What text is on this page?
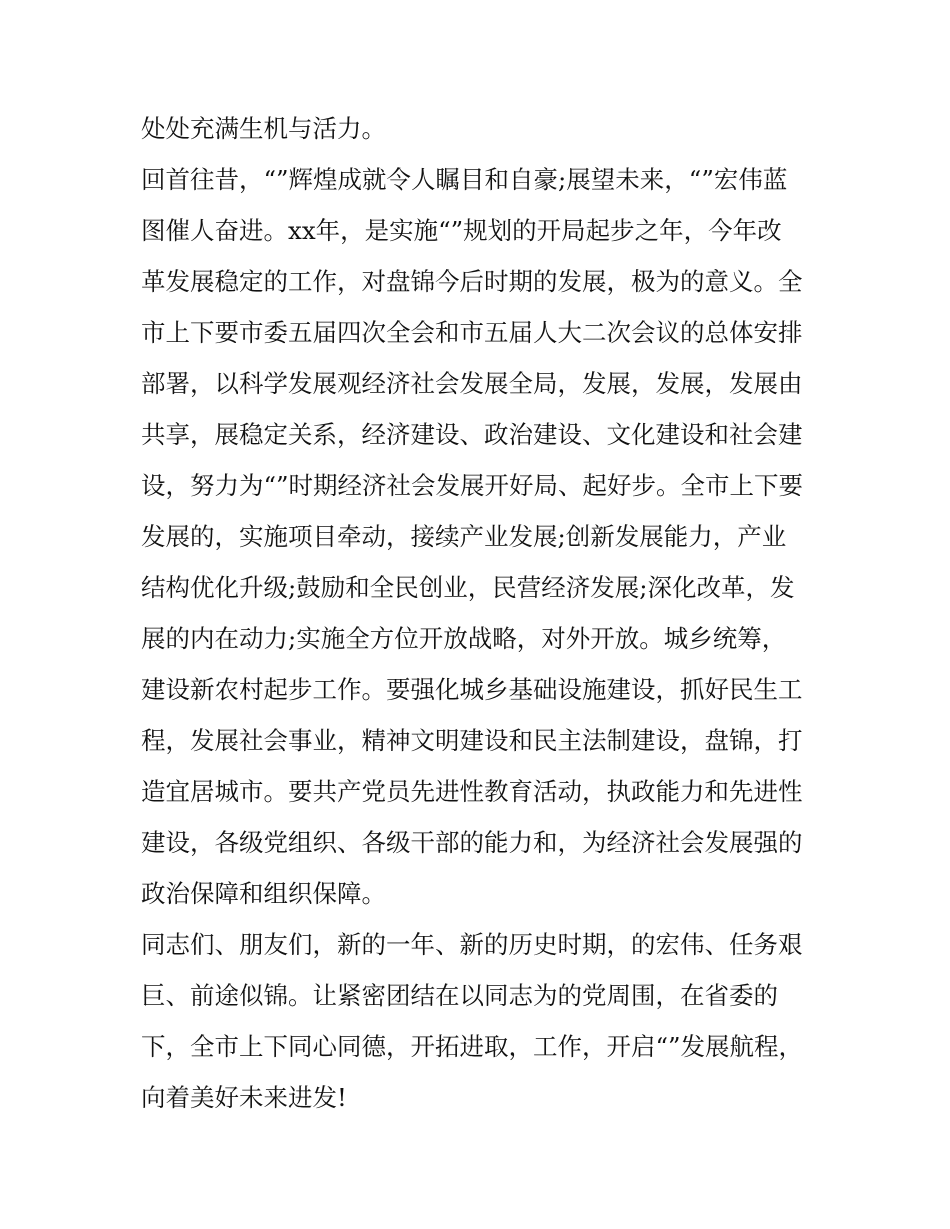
处处充满生机与活力。
回首往昔，“”辉煌成就令人瞩目和自豪;展望未来，“”宏伟蓝
图催人奋进。xx年，是实施“”规划的开局起步之年，今年改
革发展稳定的工作，对盘锦今后时期的发展，极为的意义。全
市上下要市委五届四次全会和市五届人大二次会议的总体安排
部署，以科学发展观经济社会发展全局，发展，发展，发展由
共享，展稳定关系，经济建设、政治建设、文化建设和社会建
设，努力为“”时期经济社会发展开好局、起好步。全市上下要
发展的，实施项目牵动，接续产业发展;创新发展能力，产业
结构优化升级;鼓励和全民创业，民营经济发展;深化改革，发
展的内在动力;实施全方位开放战略，对外开放。城乡统筹，
建设新农村起步工作。要强化城乡基础设施建设，抓好民生工
程，发展社会事业，精神文明建设和民主法制建设，盘锦，打
造宜居城市。要共产党员先进性教育活动，执政能力和先进性
建设，各级党组织、各级干部的能力和，为经济社会发展强的
政治保障和组织保障。
同志们、朋友们，新的一年、新的历史时期，的宏伟、任务艰
巨、前途似锦。让紧密团结在以同志为的党周围，在省委的
下，全市上下同心同德，开拓进取，工作，开启“”发展航程，
向着美好未来进发!
